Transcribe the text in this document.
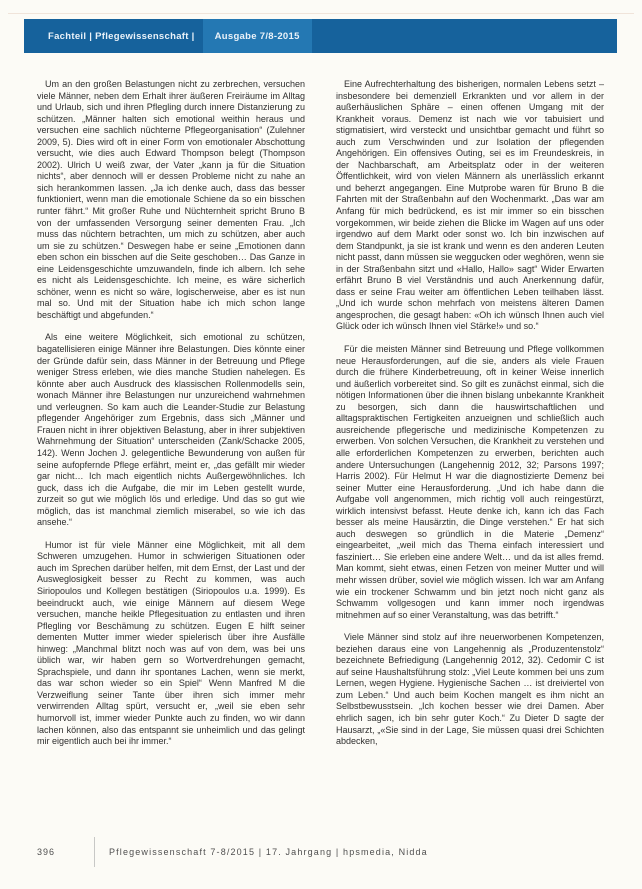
Fachteil | Pflegewissenschaft |	Ausgabe 7/8-2015

Um an den großen Belastungen nicht zu zerbrechen, versuchen viele Männer, neben dem Erhalt ihrer äußeren Freiräume im Alltag und Urlaub, sich und ihren Pflegling durch innere Distanzierung zu schützen. „Männer halten sich emotional weithin heraus und versuchen eine sachlich nüchterne Pflegeorganisation“ (Zulehner 2009, 5). Dies wird oft in einer Form von emotionaler Abschottung versucht, wie dies auch Edward Thompson belegt (Thompson 2002). Ulrich U weiß zwar, der Vater „kann ja für die Situation nichts“, aber dennoch will er dessen Probleme nicht zu nahe an sich herankommen lassen. „Ja ich denke auch, dass das besser funktioniert, wenn man die emotionale Schiene da so ein bisschen runter fährt.“ Mit großer Ruhe und Nüchternheit spricht Bruno B von der umfassenden Versorgung seiner dementen Frau. „Ich muss das nüchtern betrachten, um mich zu schützen, aber auch um sie zu schützen.“ Deswegen habe er seine „Emotionen dann eben schon ein bisschen auf die Seite geschoben… Das Ganze in eine Leidensgeschichte umzuwandeln, finde ich albern. Ich sehe es nicht als Leidensgeschichte. Ich meine, es wäre sicherlich schöner, wenn es nicht so wäre, logischerweise, aber es ist nun mal so. Und mit der Situation habe ich mich schon lange beschäftigt und abgefunden.“

Als eine weitere Möglichkeit, sich emotional zu schützen, bagatellisieren einige Männer ihre Belastungen. Dies könnte einer der Gründe dafür sein, dass Männer in der Betreuung und Pflege weniger Stress erleben, wie dies manche Studien nahelegen. Es könnte aber auch Ausdruck des klassischen Rollenmodells sein, wonach Männer ihre Belastungen nur unzureichend wahrnehmen und verleugnen. So kam auch die Leander-Studie zur Belastung pflegender Angehöriger zum Ergebnis, dass sich „Männer und Frauen nicht in ihrer objektiven Belastung, aber in ihrer subjektiven Wahrnehmung der Situation“ unterscheiden (Zank/Schacke 2005, 142). Wenn Jochen J. gelegentliche Bewunderung von außen für seine aufopfernde Pflege erfährt, meint er, „das gefällt mir wieder gar nicht… Ich mach eigentlich nichts Außergewöhnliches. Ich guck, dass ich die Aufgabe, die mir im Leben gestellt wurde, zurzeit so gut wie möglich lös und erledige. Und das so gut wie möglich, das ist manchmal ziemlich miserabel, so wie ich das ansehe.“

Humor ist für viele Männer eine Möglichkeit, mit all dem Schweren umzugehen. Humor in schwierigen Situationen oder auch im Sprechen darüber helfen, mit dem Ernst, der Last und der Ausweglosigkeit besser zu Recht zu kommen, was auch Siriopoulos und Kollegen bestätigen (Siriopoulos u.a. 1999). Es beeindruckt auch, wie einige Männern auf diesem Wege versuchen, manche heikle Pflegesituation zu entlasten und ihren Pflegling vor Beschämung zu schützen. Eugen E hilft seiner dementen Mutter immer wieder spielerisch über ihre Ausfälle hinweg: „Manchmal blitzt noch was auf von dem, was bei uns üblich war, wir haben gern so Wortverdrehungen gemacht, Sprachspiele, und dann ihr spontanes Lachen, wenn sie merkt, das war schon wieder so ein Spiel“ Wenn Manfred M die Verzweiflung seiner Tante über ihren sich immer mehr verwirrenden Alltag spürt, versucht er, „weil sie eben sehr humorvoll ist, immer wieder Punkte auch zu finden, wo wir dann lachen können, also das entspannt sie unheimlich und das gelingt mir eigentlich auch bei ihr immer.“

Eine Aufrechterhaltung des bisherigen, normalen Lebens setzt – insbesondere bei demenziell Erkrankten und vor allem in der außerhäuslichen Sphäre – einen offenen Umgang mit der Krankheit voraus. Demenz ist nach wie vor tabuisiert und stigmatisiert, wird versteckt und unsichtbar gemacht und führt so auch zum Verschwinden und zur Isolation der pflegenden Angehörigen. Ein offensives Outing, sei es im Freundeskreis, in der Nachbarschaft, am Arbeitsplatz oder in der weiteren Öffentlichkeit, wird von vielen Männern als unerlässlich erkannt und beherzt angegangen. Eine Mutprobe waren für Bruno B die Fahrten mit der Straßenbahn auf den Wochenmarkt. „Das war am Anfang für mich bedrückend, es ist mir immer so ein bisschen vorgekommen, wir beide ziehen die Blicke im Wagen auf uns oder irgendwo auf dem Markt oder sonst wo. Ich bin inzwischen auf dem Standpunkt, ja sie ist krank und wenn es den anderen Leuten nicht passt, dann müssen sie weggucken oder weghören, wenn sie in der Straßenbahn sitzt und «Hallo, Hallo» sagt“ Wider Erwarten erfährt Bruno B viel Verständnis und auch Anerkennung dafür, dass er seine Frau weiter am öffentlichen Leben teilhaben lässt. „Und ich wurde schon mehrfach von meistens älteren Damen angesprochen, die gesagt haben: «Oh ich wünsch Ihnen auch viel Glück oder ich wünsch Ihnen viel Stärke!» und so.“

Für die meisten Männer sind Betreuung und Pflege vollkommen neue Herausforderungen, auf die sie, anders als viele Frauen durch die frühere Kinderbetreuung, oft in keiner Weise innerlich und äußerlich vorbereitet sind. So gilt es zunächst einmal, sich die nötigen Informationen über die ihnen bislang unbekannte Krankheit zu besorgen, sich dann die hauswirtschaftlichen und alltagspraktischen Fertigkeiten anzueignen und schließlich auch ausreichende pflegerische und medizinische Kompetenzen zu erwerben. Von solchen Versuchen, die Krankheit zu verstehen und alle erforderlichen Kompetenzen zu erwerben, berichten auch andere Untersuchungen (Langehennig 2012, 32; Parsons 1997; Harris 2002). Für Helmut H war die diagnostizierte Demenz bei seiner Mutter eine Herausforderung. „Und ich habe dann die Aufgabe voll angenommen, mich richtig voll auch reingestürzt, wirklich intensivst befasst. Heute denke ich, kann ich das Fach besser als meine Hausärztin, die Dinge verstehen.“ Er hat sich auch deswegen so gründlich in die Materie „Demenz“ eingearbeitet, „weil mich das Thema einfach interessiert und fasziniert… Sie erleben eine andere Welt… und da ist alles fremd. Man kommt, sieht etwas, einen Fetzen von meiner Mutter und will mehr wissen drüber, soviel wie möglich wissen. Ich war am Anfang wie ein trockener Schwamm und bin jetzt noch nicht ganz als Schwamm vollgesogen und kann immer noch irgendwas mitnehmen auf so einer Veranstaltung, was das betrifft.“

Viele Männer sind stolz auf ihre neuerworbenen Kompetenzen, beziehen daraus eine von Langehennig als „Produzentenstolz“ bezeichnete Befriedigung (Langehennig 2012, 32). Cedomir C ist auf seine Haushaltsführung stolz: „Viel Leute kommen bei uns zum Lernen, wegen Hygiene. Hygienische Sachen … ist dreiviertel von zum Leben.“ Und auch beim Kochen mangelt es ihm nicht an Selbstbewusstsein. „Ich kochen besser wie drei Damen. Aber ehrlich sagen, ich bin sehr guter Koch.“ Zu Dieter D sagte der Hausarzt, „«Sie sind in der Lage, Sie müssen quasi drei Schichten abdecken,

396	Pflegewissenschaft 7-8/2015 | 17. Jahrgang | hpsmedia, Nidda
